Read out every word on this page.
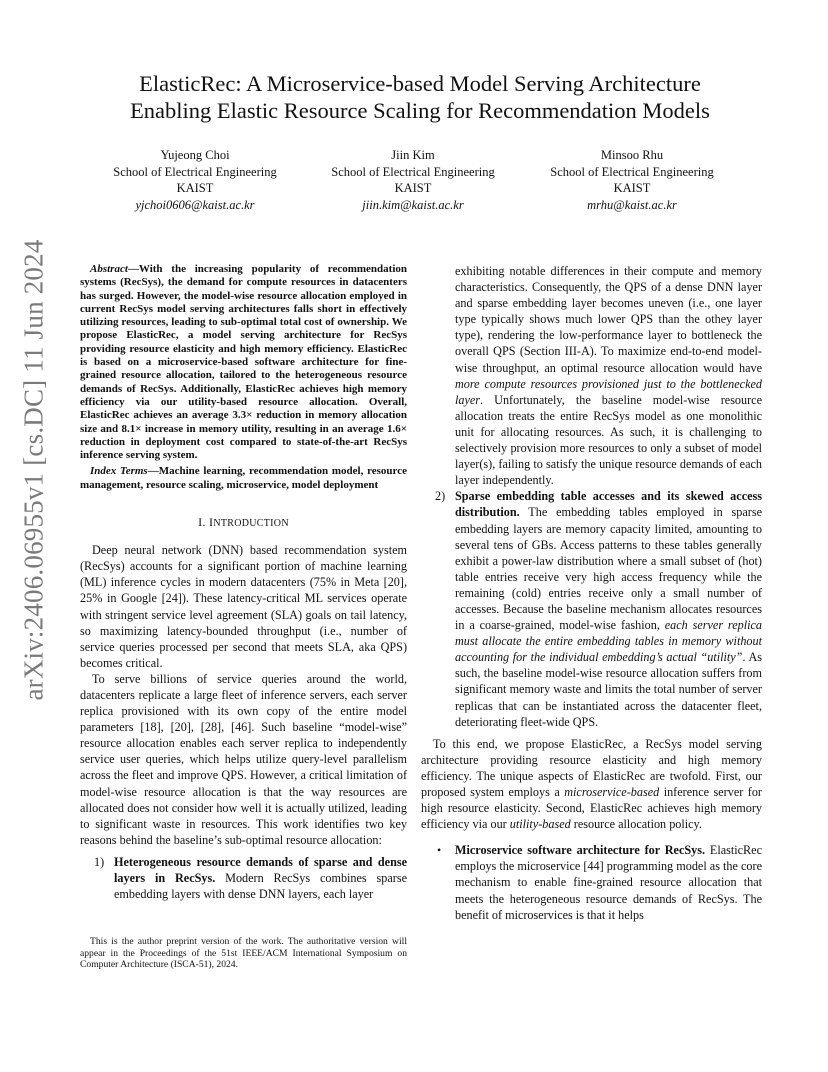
arXiv:2406.06955v1 [cs.DC] 11 Jun 2024
ElasticRec: A Microservice-based Model Serving Architecture
Enabling Elastic Resource Scaling for Recommendation Models
Yujeong Choi
School of Electrical Engineering
KAIST
yjchoi0606@kaist.ac.kr
Jiin Kim
School of Electrical Engineering
KAIST
jiin.kim@kaist.ac.kr
Minsoo Rhu
School of Electrical Engineering
KAIST
mrhu@kaist.ac.kr

Abstract—With the increasing popularity of recommendation systems (RecSys), the demand for compute resources in datacenters has surged. However, the model-wise resource allocation employed in current RecSys model serving architectures falls short in effectively utilizing resources, leading to sub-optimal total cost of ownership. We propose ElasticRec, a model serving architecture for RecSys providing resource elasticity and high memory efficiency. ElasticRec is based on a microservice-based software architecture for fine-grained resource allocation, tailored to the heterogeneous resource demands of RecSys. Additionally, ElasticRec achieves high memory efficiency via our utility-based resource allocation. Overall, ElasticRec achieves an average 3.3× reduction in memory allocation size and 8.1× increase in memory utility, resulting in an average 1.6× reduction in deployment cost compared to state-of-the-art RecSys inference serving system.

Index Terms—Machine learning, recommendation model, resource management, resource scaling, microservice, model deployment

I. INTRODUCTION

Deep neural network (DNN) based recommendation system (RecSys) accounts for a significant portion of machine learning (ML) inference cycles in modern datacenters (75% in Meta [20], 25% in Google [24]). These latency-critical ML services operate with stringent service level agreement (SLA) goals on tail latency, so maximizing latency-bounded throughput (i.e., number of service queries processed per second that meets SLA, aka QPS) becomes critical.

To serve billions of service queries around the world, datacenters replicate a large fleet of inference servers, each server replica provisioned with its own copy of the entire model parameters [18], [20], [28], [46]. Such baseline “model-wise” resource allocation enables each server replica to independently service user queries, which helps utilize query-level parallelism across the fleet and improve QPS. However, a critical limitation of model-wise resource allocation is that the way resources are allocated does not consider how well it is actually utilized, leading to significant waste in resources. This work identifies two key reasons behind the baseline’s sub-optimal resource allocation:

1) Heterogeneous resource demands of sparse and dense layers in RecSys. Modern RecSys combines sparse embedding layers with dense DNN layers, each layer

This is the author preprint version of the work. The authoritative version will appear in the Proceedings of the 51st IEEE/ACM International Symposium on Computer Architecture (ISCA-51), 2024.

exhibiting notable differences in their compute and memory characteristics. Consequently, the QPS of a dense DNN layer and sparse embedding layer becomes uneven (i.e., one layer type typically shows much lower QPS than the othey layer type), rendering the low-performance layer to bottleneck the overall QPS (Section III-A). To maximize end-to-end model-wise throughput, an optimal resource allocation would have more compute resources provisioned just to the bottlenecked layer. Unfortunately, the baseline model-wise resource allocation treats the entire RecSys model as one monolithic unit for allocating resources. As such, it is challenging to selectively provision more resources to only a subset of model layer(s), failing to satisfy the unique resource demands of each layer independently.

2) Sparse embedding table accesses and its skewed access distribution. The embedding tables employed in sparse embedding layers are memory capacity limited, amounting to several tens of GBs. Access patterns to these tables generally exhibit a power-law distribution where a small subset of (hot) table entries receive very high access frequency while the remaining (cold) entries receive only a small number of accesses. Because the baseline mechanism allocates resources in a coarse-grained, model-wise fashion, each server replica must allocate the entire embedding tables in memory without accounting for the individual embedding’s actual “utility”. As such, the baseline model-wise resource allocation suffers from significant memory waste and limits the total number of server replicas that can be instantiated across the datacenter fleet, deteriorating fleet-wide QPS.

To this end, we propose ElasticRec, a RecSys model serving architecture providing resource elasticity and high memory efficiency. The unique aspects of ElasticRec are twofold. First, our proposed system employs a microservice-based inference server for high resource elasticity. Second, ElasticRec achieves high memory efficiency via our utility-based resource allocation policy.

• Microservice software architecture for RecSys. ElasticRec employs the microservice [44] programming model as the core mechanism to enable fine-grained resource allocation that meets the heterogeneous resource demands of RecSys. The benefit of microservices is that it helps
